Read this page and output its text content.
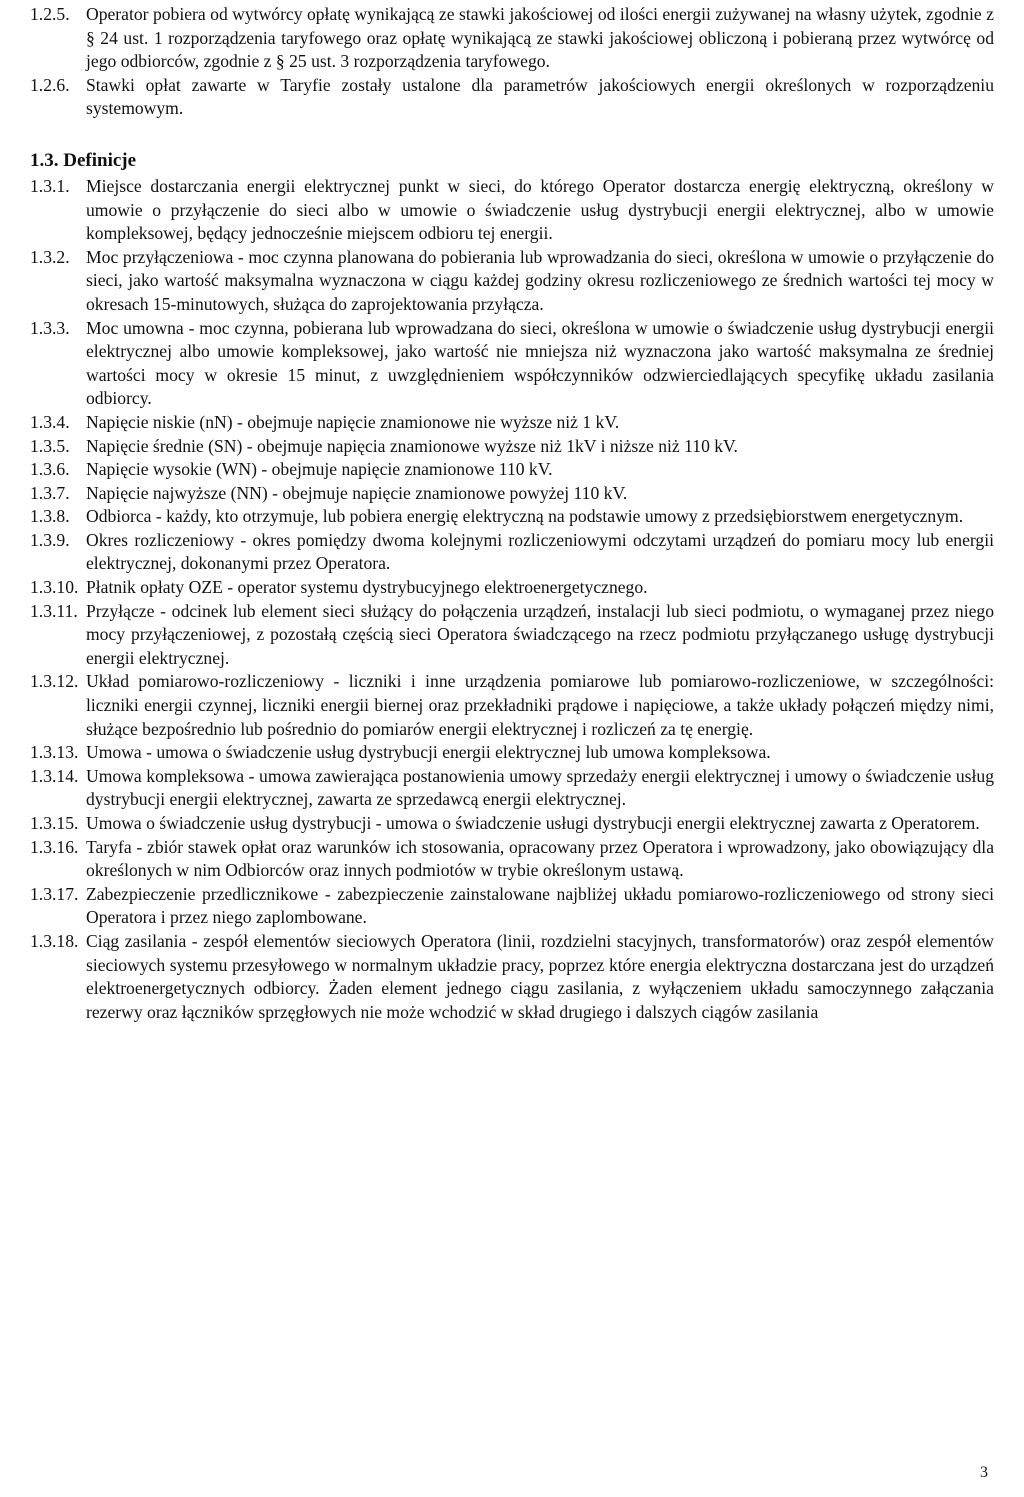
1.2.5. Operator pobiera od wytwórcy opłatę wynikającą ze stawki jakościowej od ilości energii zużywanej na własny użytek, zgodnie z § 24 ust. 1 rozporządzenia taryfowego oraz opłatę wynikającą ze stawki jakościowej obliczoną i pobieraną przez wytwórcę od jego odbiorców, zgodnie z § 25 ust. 3 rozporządzenia taryfowego.
1.2.6. Stawki opłat zawarte w Taryfie zostały ustalone dla parametrów jakościowych energii określonych w rozporządzeniu systemowym.
1.3. Definicje
1.3.1. Miejsce dostarczania energii elektrycznej punkt w sieci, do którego Operator dostarcza energię elektryczną, określony w umowie o przyłączenie do sieci albo w umowie o świadczenie usług dystrybucji energii elektrycznej, albo w umowie kompleksowej, będący jednocześnie miejscem odbioru tej energii.
1.3.2. Moc przyłączeniowa - moc czynna planowana do pobierania lub wprowadzania do sieci, określona w umowie o przyłączenie do sieci, jako wartość maksymalna wyznaczona w ciągu każdej godziny okresu rozliczeniowego ze średnich wartości tej mocy w okresach 15-minutowych, służąca do zaprojektowania przyłącza.
1.3.3. Moc umowna - moc czynna, pobierana lub wprowadzana do sieci, określona w umowie o świadczenie usług dystrybucji energii elektrycznej albo umowie kompleksowej, jako wartość nie mniejsza niż wyznaczona jako wartość maksymalna ze średniej wartości mocy w okresie 15 minut, z uwzględnieniem współczynników odzwierciedlających specyfikę układu zasilania odbiorcy.
1.3.4. Napięcie niskie (nN) - obejmuje napięcie znamionowe nie wyższe niż 1 kV.
1.3.5. Napięcie średnie (SN) - obejmuje napięcia znamionowe wyższe niż 1kV i niższe niż 110 kV.
1.3.6. Napięcie wysokie (WN) - obejmuje napięcie znamionowe 110 kV.
1.3.7. Napięcie najwyższe (NN) - obejmuje napięcie znamionowe powyżej 110 kV.
1.3.8. Odbiorca - każdy, kto otrzymuje, lub pobiera energię elektryczną na podstawie umowy z przedsiębiorstwem energetycznym.
1.3.9. Okres rozliczeniowy - okres pomiędzy dwoma kolejnymi rozliczeniowymi odczytami urządzeń do pomiaru mocy lub energii elektrycznej, dokonanymi przez Operatora.
1.3.10. Płatnik opłaty OZE - operator systemu dystrybucyjnego elektroenergetycznego.
1.3.11. Przyłącze - odcinek lub element sieci służący do połączenia urządzeń, instalacji lub sieci podmiotu, o wymaganej przez niego mocy przyłączeniowej, z pozostałą częścią sieci Operatora świadczącego na rzecz podmiotu przyłączanego usługę dystrybucji energii elektrycznej.
1.3.12. Układ pomiarowo-rozliczeniowy - liczniki i inne urządzenia pomiarowe lub pomiarowo-rozliczeniowe, w szczególności: liczniki energii czynnej, liczniki energii biernej oraz przekładniki prądowe i napięciowe, a także układy połączeń między nimi, służące bezpośrednio lub pośrednio do pomiarów energii elektrycznej i rozliczeń za tę energię.
1.3.13. Umowa - umowa o świadczenie usług dystrybucji energii elektrycznej lub umowa kompleksowa.
1.3.14. Umowa kompleksowa - umowa zawierająca postanowienia umowy sprzedaży energii elektrycznej i umowy o świadczenie usług dystrybucji energii elektrycznej, zawarta ze sprzedawcą energii elektrycznej.
1.3.15. Umowa o świadczenie usług dystrybucji - umowa o świadczenie usługi dystrybucji energii elektrycznej zawarta z Operatorem.
1.3.16. Taryfa - zbiór stawek opłat oraz warunków ich stosowania, opracowany przez Operatora i wprowadzony, jako obowiązujący dla określonych w nim Odbiorców oraz innych podmiotów w trybie określonym ustawą.
1.3.17. Zabezpieczenie przedlicznikowe - zabezpieczenie zainstalowane najbliżej układu pomiarowo-rozliczeniowego od strony sieci Operatora i przez niego zaplombowane.
1.3.18. Ciąg zasilania - zespół elementów sieciowych Operatora (linii, rozdzielni stacyjnych, transformatorów) oraz zespół elementów sieciowych systemu przesyłowego w normalnym układzie pracy, poprzez które energia elektryczna dostarczana jest do urządzeń elektroenergetycznych odbiorcy. Żaden element jednego ciągu zasilania, z wyłączeniem układu samoczynnego załączania rezerwy oraz łączników sprzęgłowych nie może wchodzić w skład drugiego i dalszych ciągów zasilania
3
